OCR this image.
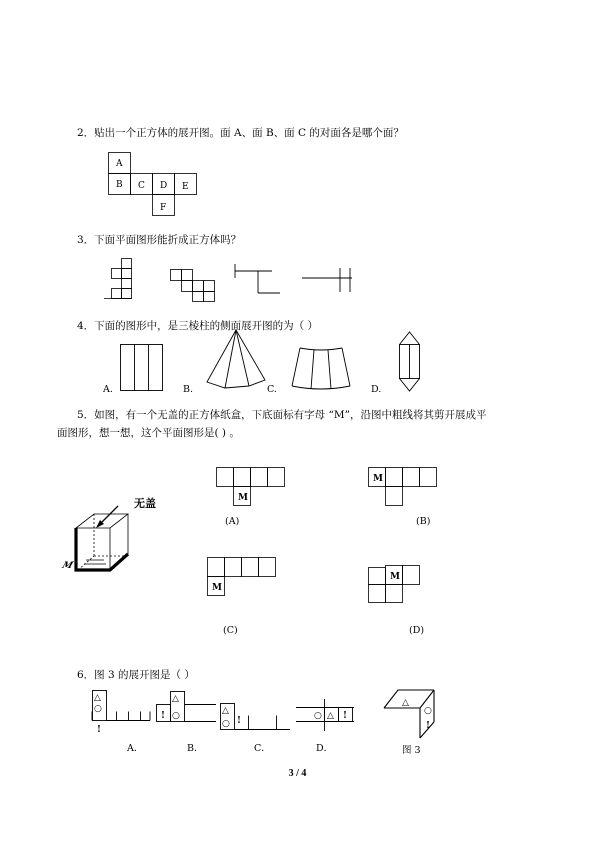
2．贴出一个正方体的展开图。面 A、面 B、面 C 的对面各是哪个面？
A
B C D E
F
3．下面平面图形能折成正方体吗？
4．下面的图形中，是三棱柱的侧面展开图的为（ ）
A.	B.	C.	D.
5．如图，有一个无盖的正方体纸盒，下底面标有字母 “M”，沿图中粗线将其剪开展成平
面图形，想一想，这个平面图形是( ) 。
M
无盖	M
(A)
M
(B)
M
(C)
M
(D)
6．图 3 的展开图是（ ）
△
○
!
A．
△
○
!
B．
△
○ !
C．
○ △ !
D．
△
○
!
图 3
3 / 4
